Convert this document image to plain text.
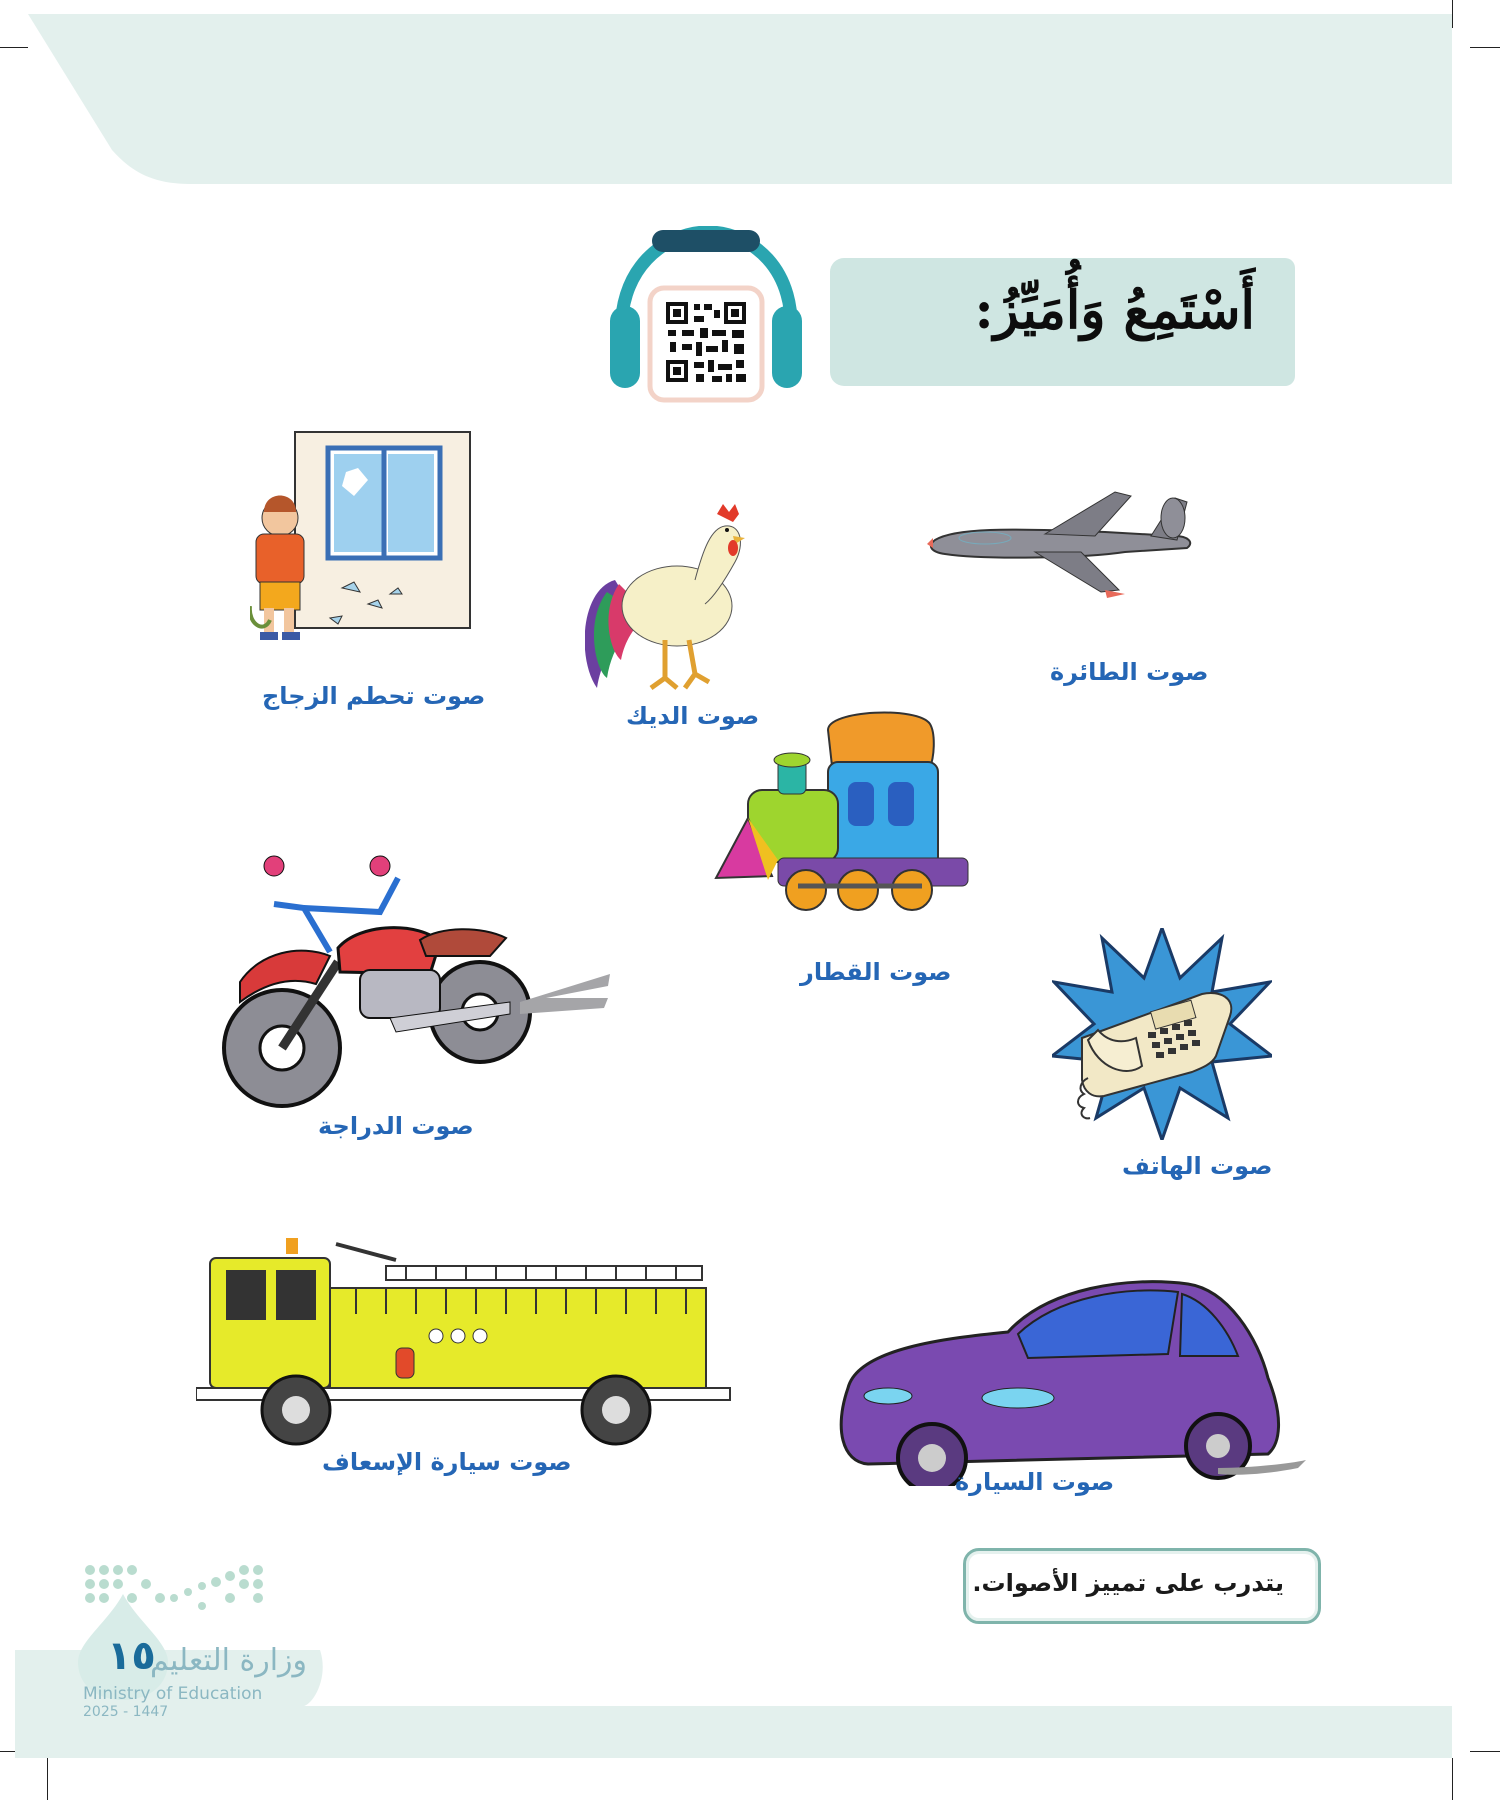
أَسْتَمِعُ وَأُمَيِّزُ:
صوت تحطم الزجاج
صوت الديك
صوت الطائرة
صوت القطار
صوت الدراجة
صوت الهاتف
صوت سيارة الإسعاف
صوت السيارة
يتدرب على تمييز الأصوات.
وزارة التعليم
١٥
Ministry of Education
2025 - 1447
